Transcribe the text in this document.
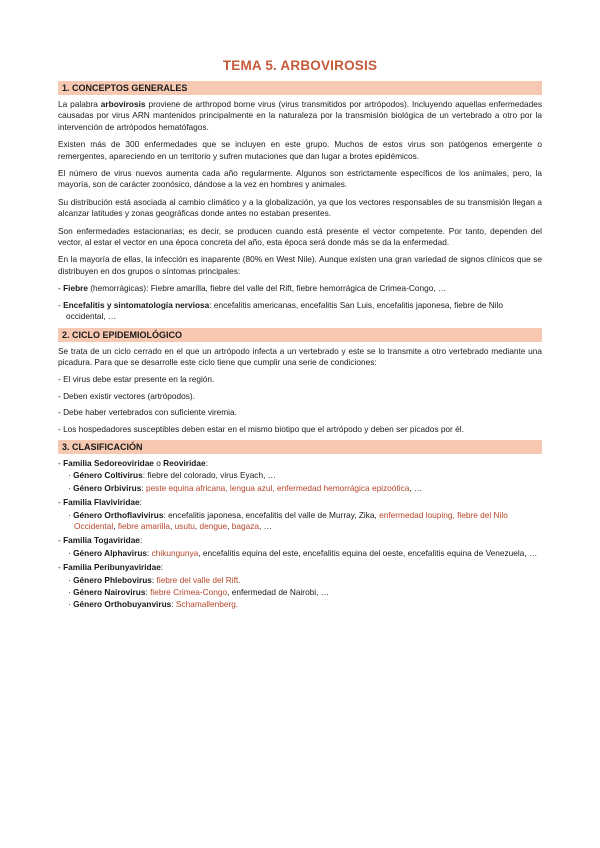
TEMA 5. ARBOVIROSIS
1. CONCEPTOS GENERALES

La palabra arbovirosis proviene de arthropod borne virus (virus transmitidos por artrópodos). Incluyendo aquellas enfermedades causadas por virus ARN mantenidos principalmente en la naturaleza por la transmisión biológica de un vertebrado a otro por la intervención de artrópodos hematófagos.

Existen más de 300 enfermedades que se incluyen en este grupo. Muchos de estos virus son patógenos emergente o remergentes, apareciendo en un territorio y sufren mutaciones que dan lugar a brotes epidémicos.

El número de virus nuevos aumenta cada año regularmente. Algunos son estrictamente específicos de los animales, pero, la mayoría, son de carácter zoonósico, dándose a la vez en hombres y animales.

Su distribución está asociada al cambio climático y a la globalización, ya que los vectores responsables de su transmisión llegan a alcanzar latitudes y zonas geográficas donde antes no estaban presentes.

Son enfermedades estacionarias; es decir, se producen cuando está presente el vector competente. Por tanto, dependen del vector, al estar el vector en una época concreta del año, esta época será donde más se da la enfermedad.

En la mayoría de ellas, la infección es inaparente (80% en West Nile). Aunque existen una gran variedad de signos clínicos que se distribuyen en dos grupos o síntomas principales:

- Fiebre (hemorrágicas): Fiebre amarilla, fiebre del valle del Rift, fiebre hemorrágica de Crimea-Congo, …
- Encefalitis y sintomatología nerviosa: encefalitis americanas, encefalitis San Luis, encefalitis japonesa, fiebre de Nilo occidental, …
2. CICLO EPIDEMIOLÓGICO

Se trata de un ciclo cerrado en el que un artrópodo infecta a un vertebrado y este se lo transmite a otro vertebrado mediante una picadura. Para que se desarrolle este ciclo tiene que cumplir una serie de condiciones:

- El virus debe estar presente en la región.
- Deben existir vectores (artrópodos).
- Debe haber vertebrados con suficiente viremia.
- Los hospedadores susceptibles deben estar en el mismo biotipo que el artrópodo y deben ser picados por él.
3. CLASIFICACIÓN
- Familia Sedoreoviridae o Reoviridae:
· Género Coltivirus: fiebre del colorado, virus Eyach, …
· Género Orbivirus: peste equina africana, lengua azul, enfermedad hemorrágica epizoótica, …
- Familia Flaviviridae:
· Género Orthoflavivirus: encefalitis japonesa, encefalitis del valle de Murray, Zika, enfermedad louping, fiebre del Nilo Occidental, fiebre amarilla, usutu, dengue, bagaza, …
- Familia Togaviridae:
· Género Alphavirus: chikungunya, encefalitis equina del este, encefalitis equina del oeste, encefalitis equina de Venezuela, …
- Familia Peribunyaviridae:
· Género Phlebovirus: fiebre del valle del Rift.
· Género Nairovirus: fiebre Crimea-Congo, enfermedad de Nairobi, …
· Género Orthobuyanvirus: Schamallenberg.
